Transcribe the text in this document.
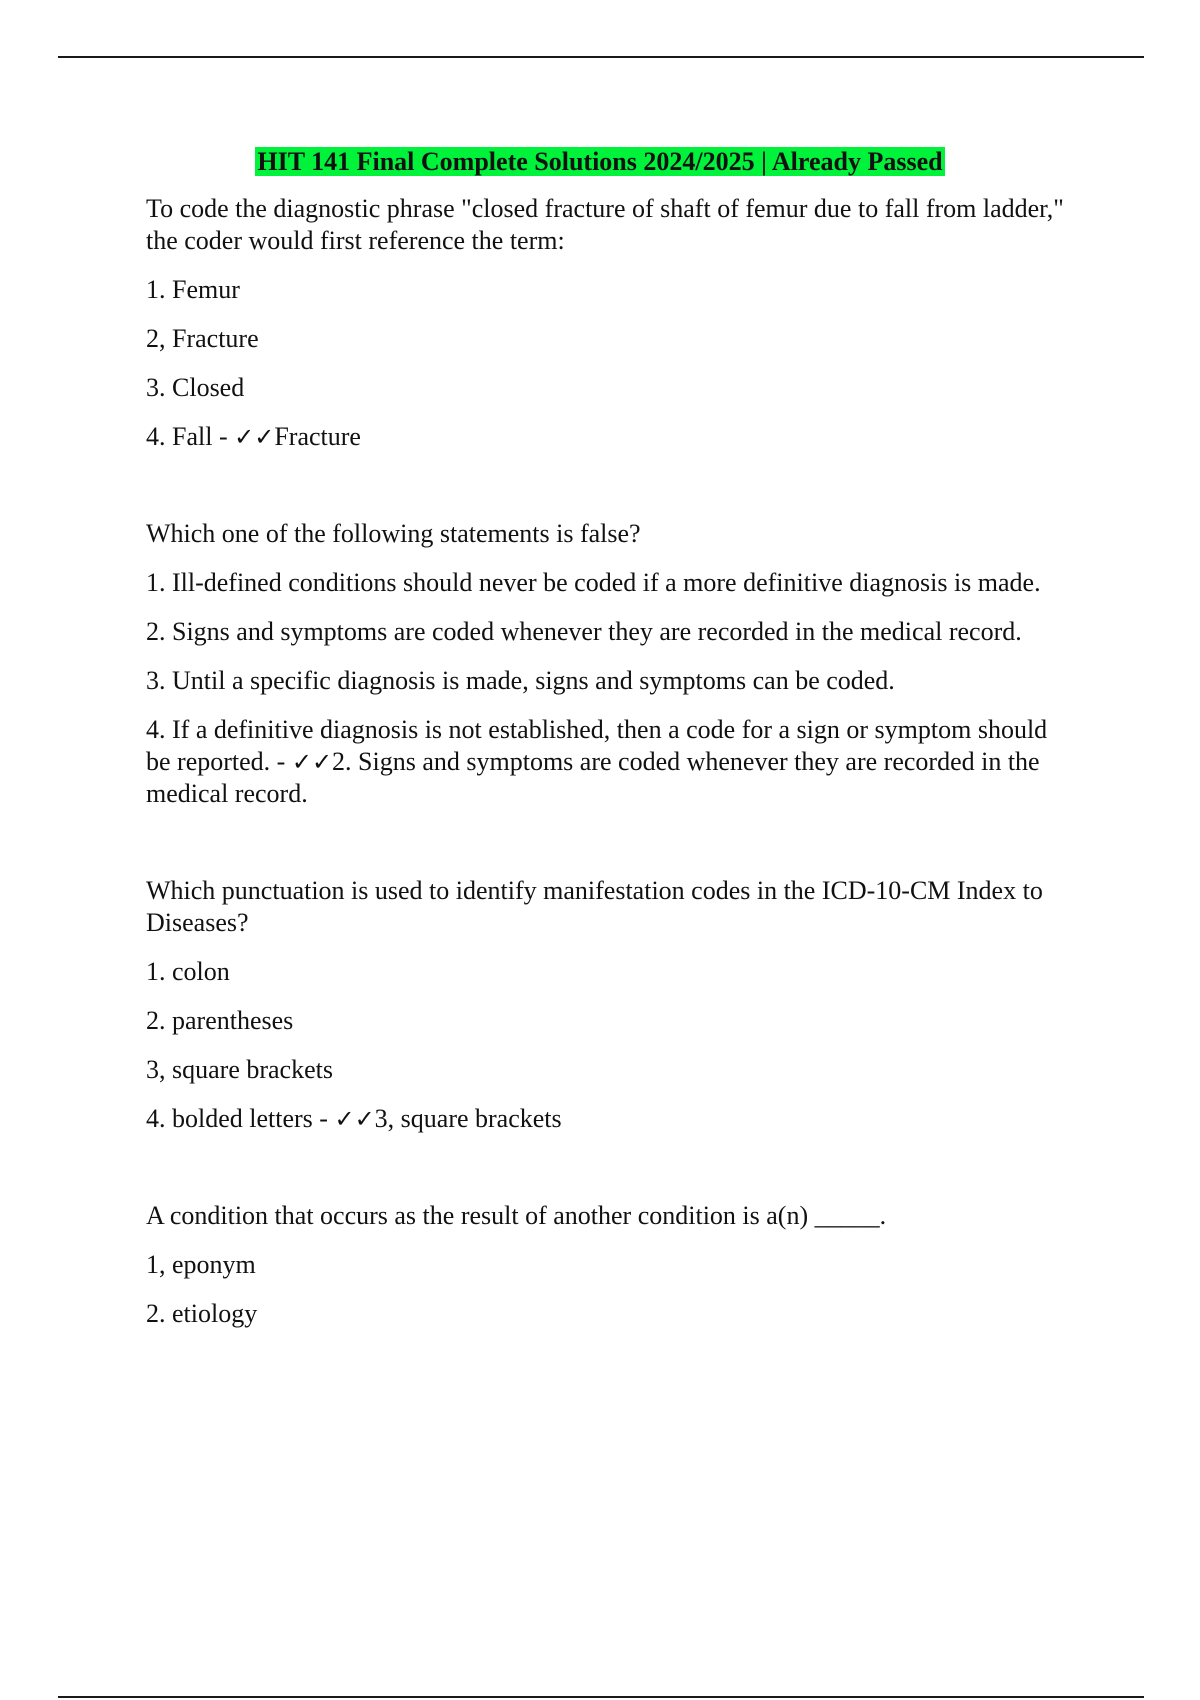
HIT 141 Final Complete Solutions 2024/2025 | Already Passed

To code the diagnostic phrase "closed fracture of shaft of femur due to fall from ladder," the coder would first reference the term:

1. Femur

2, Fracture

3. Closed

4. Fall - ✓✓Fracture

Which one of the following statements is false?

1. Ill-defined conditions should never be coded if a more definitive diagnosis is made.

2. Signs and symptoms are coded whenever they are recorded in the medical record.

3. Until a specific diagnosis is made, signs and symptoms can be coded.

4. If a definitive diagnosis is not established, then a code for a sign or symptom should be reported. - ✓✓2. Signs and symptoms are coded whenever they are recorded in the medical record.

Which punctuation is used to identify manifestation codes in the ICD-10-CM Index to Diseases?

1. colon

2. parentheses

3, square brackets

4. bolded letters - ✓✓3, square brackets

A condition that occurs as the result of another condition is a(n) _____.

1, eponym

2. etiology
